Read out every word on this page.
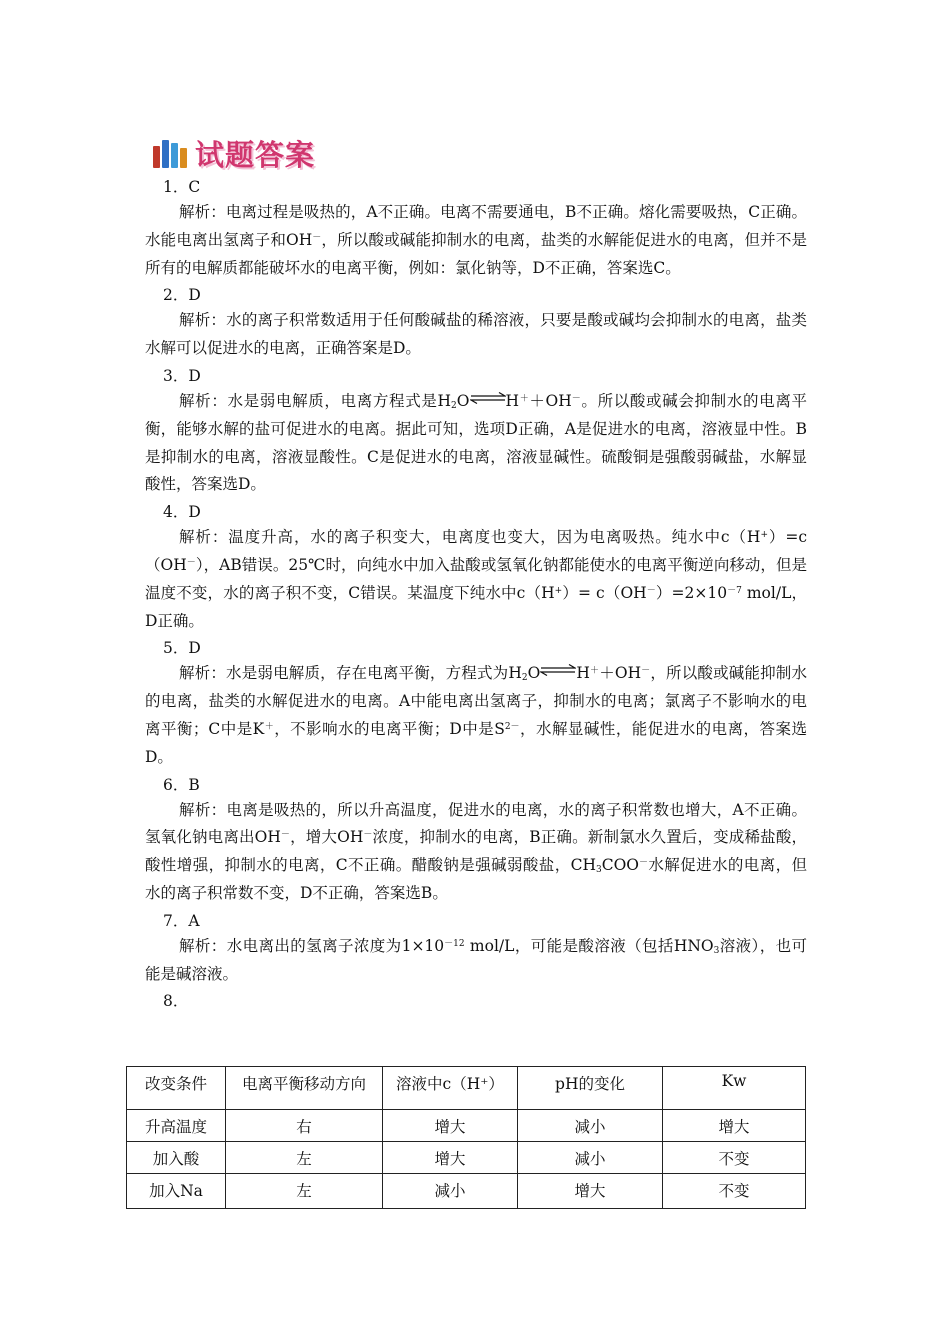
试题答案
1．C
解析：电离过程是吸热的，A不正确。电离不需要通电，B不正确。熔化需要吸热，C正确。水能电离出氢离子和OH－，所以酸或碱能抑制水的电离，盐类的水解能促进水的电离，但并不是所有的电解质都能破坏水的电离平衡，例如：氯化钠等，D不正确，答案选C。
2．D
解析：水的离子积常数适用于任何酸碱盐的稀溶液，只要是酸或碱均会抑制水的电离，盐类水解可以促进水的电离，正确答案是D。
3．D
解析：水是弱电解质，电离方程式是$H_2O\rightleftharpoons H^++OH^-$。所以酸或碱会抑制水的电离平衡，能够水解的盐可促进水的电离。据此可知，选项D正确，A是促进水的电离，溶液显中性。B是抑制水的电离，溶液显酸性。C是促进水的电离，溶液显碱性。硫酸铜是强酸弱碱盐，水解显酸性，答案选D。
4．D
解析：温度升高，水的离子积变大，电离度也变大，因为电离吸热。纯水中c（H+）=c（OH－），AB错误。25℃时，向纯水中加入盐酸或氢氧化钠都能使水的电离平衡逆向移动，但是温度不变，水的离子积不变，C错误。某温度下纯水中$c(H^+)= c(OH^-)=2\times 10^{-7}$ mol/L，D正确。
5．D
解析：水是弱电解质，存在电离平衡，方程式为$H_2O\rightleftharpoons H^++OH^-$，所以酸或碱能抑制水的电离，盐类的水解促进水的电离。A中能电离出氢离子，抑制水的电离；氯离子不影响水的电离平衡；C中是K＋，不影响水的电离平衡；D中是$S^{2-}$，水解显碱性，能促进水的电离，答案选D。
6．B
解析：电离是吸热的，所以升高温度，促进水的电离，水的离子积常数也增大，A不正确。氢氧化钠电离出OH－，增大OH－浓度，抑制水的电离，B正确。新制氯水久置后，变成稀盐酸，酸性增强，抑制水的电离，C不正确。醋酸钠是强碱弱酸盐，$CH_3COO^-$水解促进水的电离，但水的离子积常数不变，D不正确，答案选B。
7．A
解析：水电离出的氢离子浓度为$1\times 10^{-12}$ mol/L，可能是酸溶液（包括$HNO_3$溶液），也可能是碱溶液。
8．
改变条件	电离平衡移动方向	溶液中c（H⁺）	pH的变化	Kw
升高温度	右	增大	减小	增大
加入酸	左	增大	减小	不变
加入Na	左	减小	增大	不变
